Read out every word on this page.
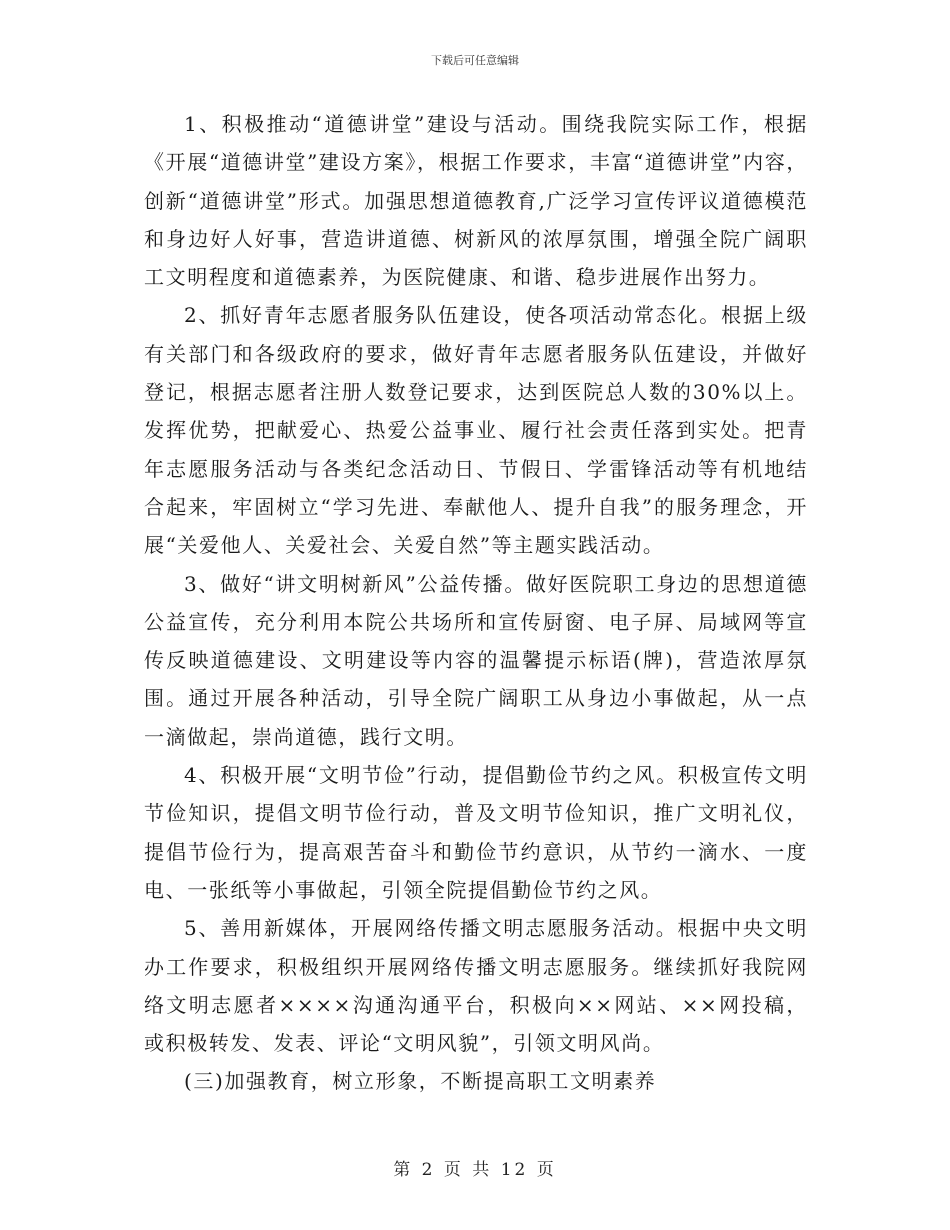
下载后可任意编辑

1、积极推动“道德讲堂”建设与活动。围绕我院实际工作，根据《开展“道德讲堂”建设方案》，根据工作要求，丰富“道德讲堂”内容，创新“道德讲堂”形式。加强思想道德教育,广泛学习宣传评议道德模范和身边好人好事，营造讲道德、树新风的浓厚氛围，增强全院广阔职工文明程度和道德素养，为医院健康、和谐、稳步进展作出努力。

2、抓好青年志愿者服务队伍建设，使各项活动常态化。根据上级有关部门和各级政府的要求，做好青年志愿者服务队伍建设，并做好登记，根据志愿者注册人数登记要求，达到医院总人数的30%以上。发挥优势，把献爱心、热爱公益事业、履行社会责任落到实处。把青年志愿服务活动与各类纪念活动日、节假日、学雷锋活动等有机地结合起来，牢固树立“学习先进、奉献他人、提升自我”的服务理念，开展“关爱他人、关爱社会、关爱自然”等主题实践活动。

3、做好“讲文明树新风”公益传播。做好医院职工身边的思想道德公益宣传，充分利用本院公共场所和宣传厨窗、电子屏、局域网等宣传反映道德建设、文明建设等内容的温馨提示标语(牌)，营造浓厚氛围。通过开展各种活动，引导全院广阔职工从身边小事做起，从一点一滴做起，崇尚道德，践行文明。

4、积极开展“文明节俭”行动，提倡勤俭节约之风。积极宣传文明节俭知识，提倡文明节俭行动，普及文明节俭知识，推广文明礼仪，提倡节俭行为，提高艰苦奋斗和勤俭节约意识，从节约一滴水、一度电、一张纸等小事做起，引领全院提倡勤俭节约之风。

5、善用新媒体，开展网络传播文明志愿服务活动。根据中央文明办工作要求，积极组织开展网络传播文明志愿服务。继续抓好我院网络文明志愿者××××沟通沟通平台，积极向××网站、××网投稿，或积极转发、发表、评论“文明风貌”，引领文明风尚。

(三)加强教育，树立形象，不断提高职工文明素养

第 2 页 共 12 页
